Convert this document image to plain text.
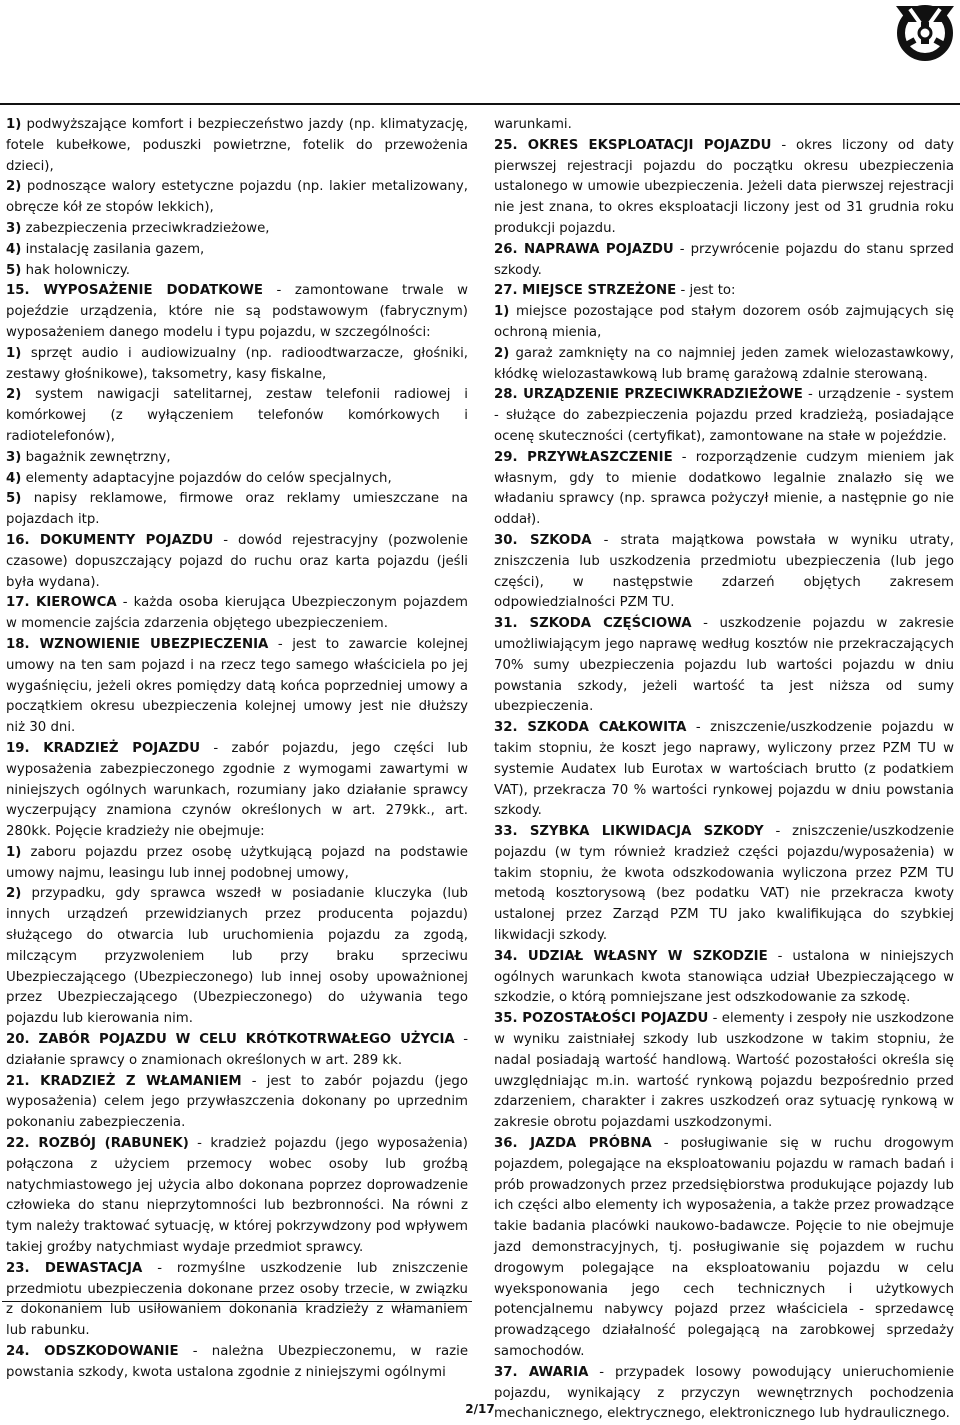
1) podwyższające komfort i bezpieczeństwo jazdy (np. klimatyzację, fotele kubełkowe, poduszki powietrzne, fotelik do przewożenia dzieci),

2) podnoszące walory estetyczne pojazdu (np. lakier metalizowany, obręcze kół ze stopów lekkich),

3) zabezpieczenia przeciwkradzieżowe,

4) instalację zasilania gazem,

5) hak holowniczy.

15. WYPOSAŻENIE DODATKOWE - zamontowane trwale w pojeździe urządzenia, które nie są podstawowym (fabrycznym) wyposażeniem danego modelu i typu pojazdu, w szczególności:

1) sprzęt audio i audiowizualny (np. radioodtwarzacze, głośniki, zestawy głośnikowe), taksometry, kasy fiskalne,

2) system nawigacji satelitarnej, zestaw telefonii radiowej i komórkowej (z wyłączeniem telefonów komórkowych i radiotelefonów),

3) bagażnik zewnętrzny,

4) elementy adaptacyjne pojazdów do celów specjalnych,

5) napisy reklamowe, firmowe oraz reklamy umieszczane na pojazdach itp.

16. DOKUMENTY POJAZDU - dowód rejestracyjny (pozwolenie czasowe) dopuszczający pojazd do ruchu oraz karta pojazdu (jeśli była wydana).

17. KIEROWCA - każda osoba kierująca Ubezpieczonym pojazdem w momencie zajścia zdarzenia objętego ubezpieczeniem.

18. WZNOWIENIE UBEZPIECZENIA - jest to zawarcie kolejnej umowy na ten sam pojazd i na rzecz tego samego właściciela po jej wygaśnięciu, jeżeli okres pomiędzy datą końca poprzedniej umowy a początkiem okresu ubezpieczenia kolejnej umowy jest nie dłuższy niż 30 dni.

19. KRADZIEŻ POJAZDU - zabór pojazdu, jego części lub wyposażenia zabezpieczonego zgodnie z wymogami zawartymi w niniejszych ogólnych warunkach, rozumiany jako działanie sprawcy wyczerpujący znamiona czynów określonych w art. 279kk., art. 280kk. Pojęcie kradzieży nie obejmuje:

1) zaboru pojazdu przez osobę użytkującą pojazd na podstawie umowy najmu, leasingu lub innej podobnej umowy,

2) przypadku, gdy sprawca wszedł w posiadanie kluczyka (lub innych urządzeń przewidzianych przez producenta pojazdu) służącego do otwarcia lub uruchomienia pojazdu za zgodą, milczącym przyzwoleniem lub przy braku sprzeciwu Ubezpieczającego (Ubezpieczonego) lub innej osoby upoważnionej przez Ubezpieczającego (Ubezpieczonego) do używania tego pojazdu lub kierowania nim.

20. ZABÓR POJAZDU W CELU KRÓTKOTRWAŁEGO UŻYCIA - działanie sprawcy o znamionach określonych w art. 289 kk.

21. KRADZIEŻ Z WŁAMANIEM - jest to zabór pojazdu (jego wyposażenia) celem jego przywłaszczenia dokonany po uprzednim pokonaniu zabezpieczenia.

22. ROZBÓJ (RABUNEK) - kradzież pojazdu (jego wyposażenia) połączona z użyciem przemocy wobec osoby lub groźbą natychmiastowego jej użycia albo dokonana poprzez doprowadzenie człowieka do stanu nieprzytomności lub bezbronności. Na równi z tym należy traktować sytuację, w której pokrzywdzony pod wpływem takiej groźby natychmiast wydaje przedmiot sprawcy.

23. DEWASTACJA - rozmyślne uszkodzenie lub zniszczenie przedmiotu ubezpieczenia dokonane przez osoby trzecie, w związku z dokonaniem lub usiłowaniem dokonania kradzieży z włamaniem lub rabunku.

24. ODSZKODOWANIE - należna Ubezpieczonemu, w razie powstania szkody, kwota ustalona zgodnie z niniejszymi ogólnymi

warunkami.

25. OKRES EKSPLOATACJI POJAZDU - okres liczony od daty pierwszej rejestracji pojazdu do początku okresu ubezpieczenia ustalonego w umowie ubezpieczenia. Jeżeli data pierwszej rejestracji nie jest znana, to okres eksploatacji liczony jest od 31 grudnia roku produkcji pojazdu.

26. NAPRAWA POJAZDU - przywrócenie pojazdu do stanu sprzed szkody.

27. MIEJSCE STRZEŻONE - jest to:

1) miejsce pozostające pod stałym dozorem osób zajmujących się ochroną mienia,

2) garaż zamknięty na co najmniej jeden zamek wielozastawkowy, kłódkę wielozastawkową lub bramę garażową zdalnie sterowaną.

28. URZĄDZENIE PRZECIWKRADZIEŻOWE - urządzenie - system - służące do zabezpieczenia pojazdu przed kradzieżą, posiadające ocenę skuteczności (certyfikat), zamontowane na stałe w pojeździe.

29. PRZYWŁASZCZENIE - rozporządzenie cudzym mieniem jak własnym, gdy to mienie dodatkowo legalnie znalazło się we władaniu sprawcy (np. sprawca pożyczył mienie, a następnie go nie oddał).

30. SZKODA - strata majątkowa powstała w wyniku utraty, zniszczenia lub uszkodzenia przedmiotu ubezpieczenia (lub jego części), w następstwie zdarzeń objętych zakresem odpowiedzialności PZM TU.

31. SZKODA CZĘŚCIOWA - uszkodzenie pojazdu w zakresie umożliwiającym jego naprawę według kosztów nie przekraczających 70% sumy ubezpieczenia pojazdu lub wartości pojazdu w dniu powstania szkody, jeżeli wartość ta jest niższa od sumy ubezpieczenia.

32. SZKODA CAŁKOWITA - zniszczenie/uszkodzenie pojazdu w takim stopniu, że koszt jego naprawy, wyliczony przez PZM TU w systemie Audatex lub Eurotax w wartościach brutto (z podatkiem VAT), przekracza 70 % wartości rynkowej pojazdu w dniu powstania szkody.

33. SZYBKA LIKWIDACJA SZKODY - zniszczenie/uszkodzenie pojazdu (w tym również kradzież części pojazdu/wyposażenia) w takim stopniu, że kwota odszkodowania wyliczona przez PZM TU metodą kosztorysową (bez podatku VAT) nie przekracza kwoty ustalonej przez Zarząd PZM TU jako kwalifikująca do szybkiej likwidacji szkody.

34. UDZIAŁ WŁASNY W SZKODZIE - ustalona w niniejszych ogólnych warunkach kwota stanowiąca udział Ubezpieczającego w szkodzie, o którą pomniejszane jest odszkodowanie za szkodę.

35. POZOSTAŁOŚCI POJAZDU - elementy i zespoły nie uszkodzone w wyniku zaistniałej szkody lub uszkodzone w takim stopniu, że nadal posiadają wartość handlową. Wartość pozostałości określa się uwzględniając m.in. wartość rynkową pojazdu bezpośrednio przed zdarzeniem, charakter i zakres uszkodzeń oraz sytuację rynkową w zakresie obrotu pojazdami uszkodzonymi.

36. JAZDA PRÓBNA - posługiwanie się w ruchu drogowym pojazdem, polegające na eksploatowaniu pojazdu w ramach badań i prób prowadzonych przez przedsiębiorstwa produkujące pojazdy lub ich części albo elementy ich wyposażenia, a także przez prowadzące takie badania placówki naukowo-badawcze. Pojęcie to nie obejmuje jazd demonstracyjnych, tj. posługiwanie się pojazdem w ruchu drogowym polegające na eksploatowaniu pojazdu w celu wyeksponowania jego cech technicznych i użytkowych potencjalnemu nabywcy pojazd przez właściciela - sprzedawcę prowadzącego działalność polegającą na zarobkowej sprzedaży samochodów.

37. AWARIA - przypadek losowy powodujący unieruchomienie pojazdu, wynikający z przyczyn wewnętrznych pochodzenia mechanicznego, elektrycznego, elektronicznego lub hydraulicznego.

2/17
